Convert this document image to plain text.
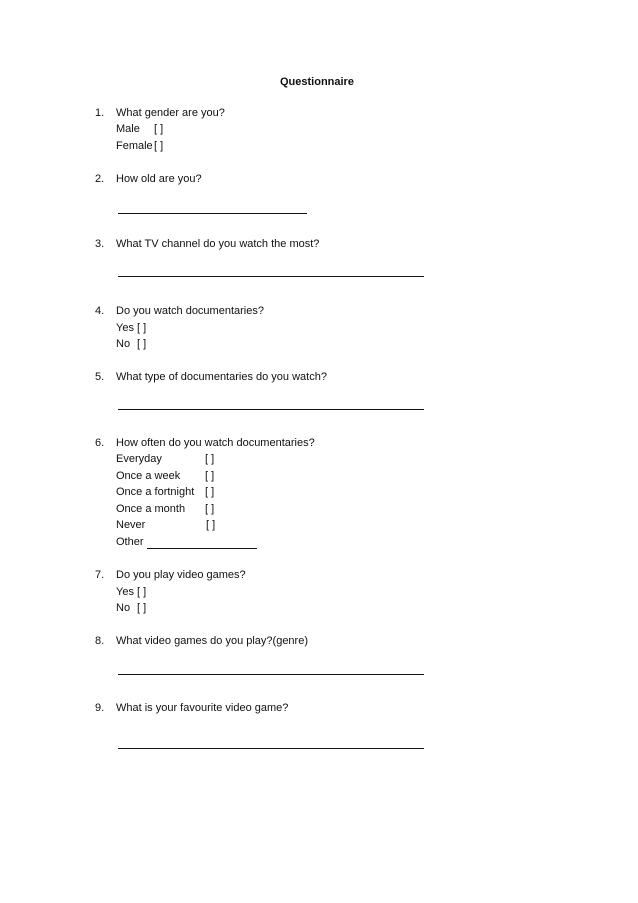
Questionnaire
1. What gender are you?
Male [ ]
Female [ ]
2. How old are you?
3. What TV channel do you watch the most?
4. Do you watch documentaries?
Yes [ ]
No [ ]
5. What type of documentaries do you watch?
6. How often do you watch documentaries?
Everyday	[ ]
Once a week [ ]
Once a fortnight [ ]
Once a month [ ]
Never	[ ]
Other
7. Do you play video games?
Yes [ ]
No [ ]
8. What video games do you play?(genre)
9. What is your favourite video game?
